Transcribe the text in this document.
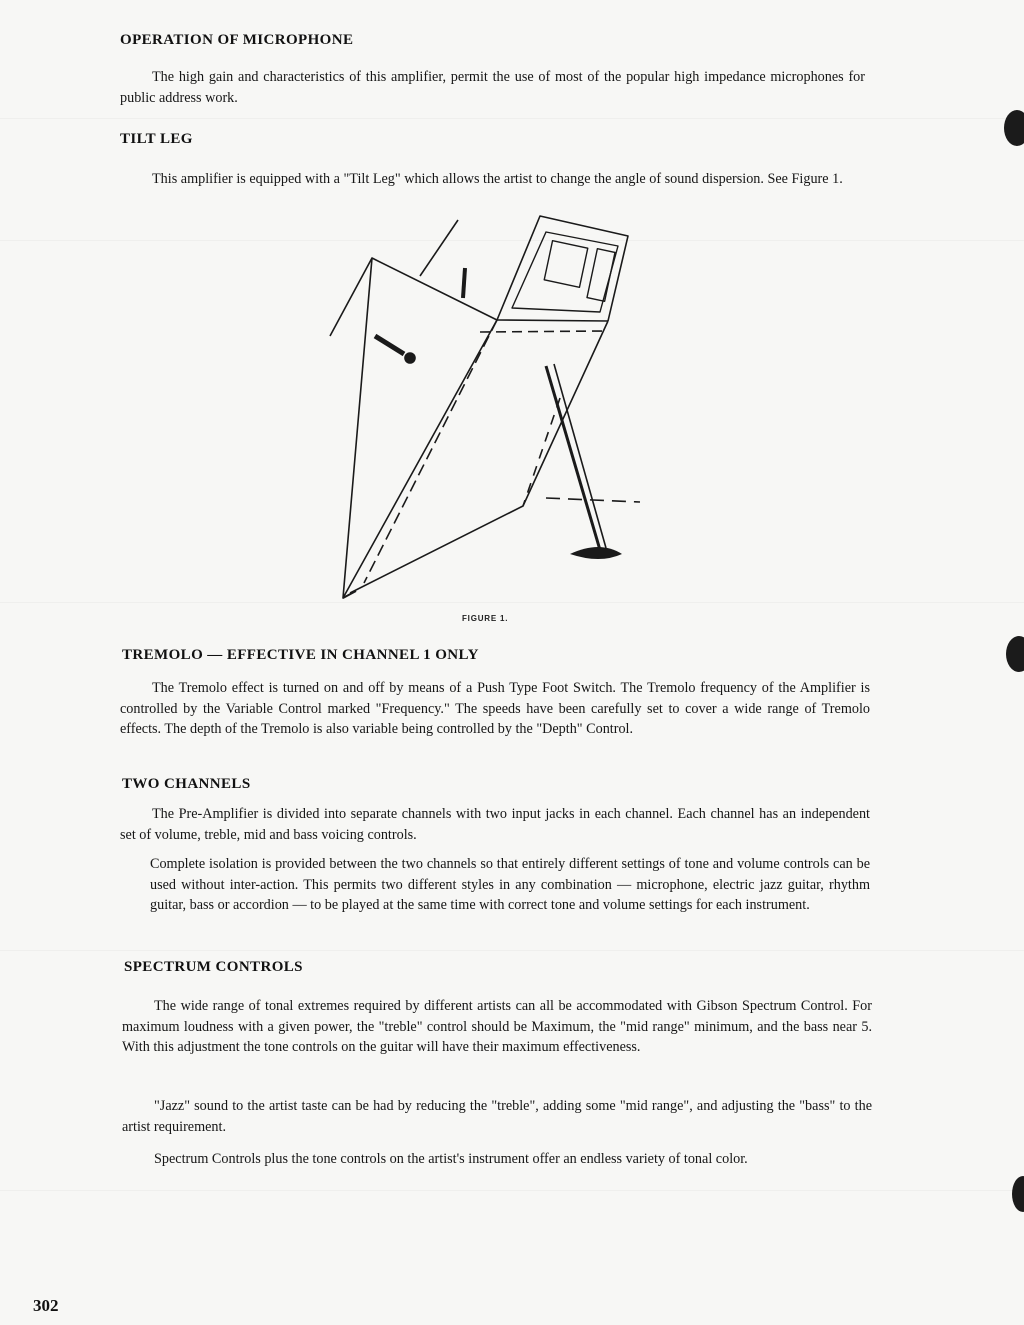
OPERATION OF MICROPHONE

The high gain and characteristics of this amplifier, permit the use of most of the popular high impedance microphones for public address work.

TILT LEG

This amplifier is equipped with a "Tilt Leg" which allows the artist to change the angle of sound dispersion. See Figure 1.

FIGURE 1.

TREMOLO — EFFECTIVE IN CHANNEL 1 ONLY

The Tremolo effect is turned on and off by means of a Push Type Foot Switch. The Tremolo frequency of the Amplifier is controlled by the Variable Control marked "Frequency." The speeds have been carefully set to cover a wide range of Tremolo effects. The depth of the Tremolo is also variable being controlled by the "Depth" Control.

TWO CHANNELS

The Pre-Amplifier is divided into separate channels with two input jacks in each channel. Each channel has an independent set of volume, treble, mid and bass voicing controls.

Complete isolation is provided between the two channels so that entirely different settings of tone and volume controls can be used without inter-action. This permits two different styles in any combination — microphone, electric jazz guitar, rhythm guitar, bass or accordion — to be played at the same time with correct tone and volume settings for each instrument.

SPECTRUM CONTROLS

The wide range of tonal extremes required by different artists can all be accommodated with Gibson Spectrum Control. For maximum loudness with a given power, the "treble" control should be Maximum, the "mid range" minimum, and the bass near 5. With this adjustment the tone controls on the guitar will have their maximum effectiveness.

"Jazz" sound to the artist taste can be had by reducing the "treble", adding some "mid range", and adjusting the "bass" to the artist requirement.

Spectrum Controls plus the tone controls on the artist's instrument offer an endless variety of tonal color.

302
